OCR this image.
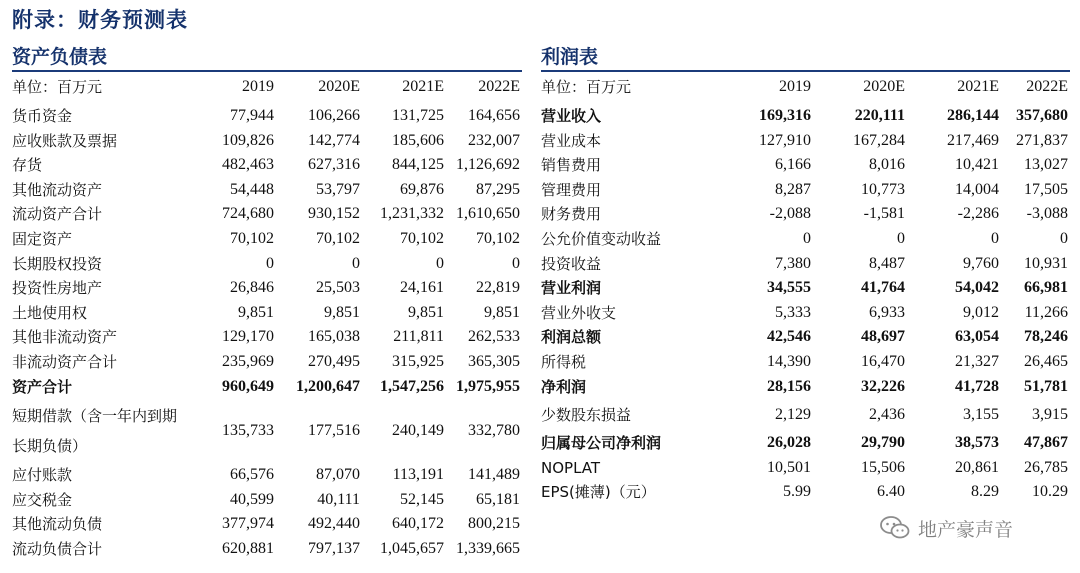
附录：财务预测表
资产负债表	利润表
单位：百万元	2019	2020E	2021E	2022E
货币资金	77,944	106,266	131,725	164,656
应收账款及票据	109,826	142,774	185,606	232,007
存货	482,463	627,316	844,125	1,126,692
其他流动资产	54,448	53,797	69,876	87,295
流动资产合计	724,680	930,152	1,231,332	1,610,650
固定资产	70,102	70,102	70,102	70,102
长期股权投资	0	0	0	0
投资性房地产	26,846	25,503	24,161	22,819
土地使用权	9,851	9,851	9,851	9,851
其他非流动资产	129,170	165,038	211,811	262,533
非流动资产合计	235,969	270,495	315,925	365,305
资产合计	960,649	1,200,647	1,547,256	1,975,955
短期借款（含一年内到期长期负债）	135,733	177,516	240,149	332,780
应付账款	66,576	87,070	113,191	141,489
应交税金	40,599	40,111	52,145	65,181
其他流动负债	377,974	492,440	640,172	800,215
流动负债合计	620,881	797,137	1,045,657	1,339,665
单位：百万元	2019	2020E	2021E	2022E
营业收入	169,316	220,111	286,144	357,680
营业成本	127,910	167,284	217,469	271,837
销售费用	6,166	8,016	10,421	13,027
管理费用	8,287	10,773	14,004	17,505
财务费用	-2,088	-1,581	-2,286	-3,088
公允价值变动收益	0	0	0	0
投资收益	7,380	8,487	9,760	10,931
营业利润	34,555	41,764	54,042	66,981
营业外收支	5,333	6,933	9,012	11,266
利润总额	42,546	48,697	63,054	78,246
所得税	14,390	16,470	21,327	26,465
净利润	28,156	32,226	41,728	51,781
少数股东损益	2,129	2,436	3,155	3,915
归属母公司净利润	26,028	29,790	38,573	47,867
NOPLAT	10,501	15,506	20,861	26,785
EPS(摊薄)（元）	5.99	6.40	8.29	10.29
地产豪声音
